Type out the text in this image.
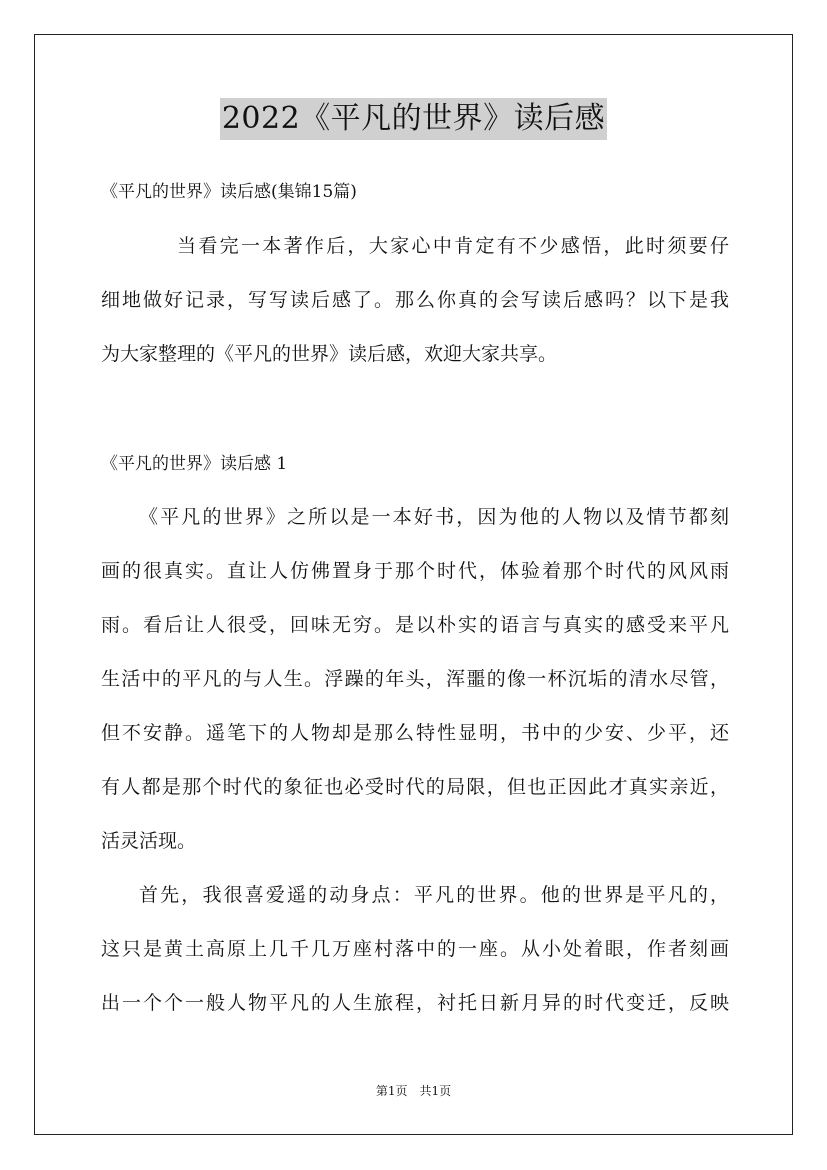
2022《平凡的世界》读后感
《平凡的世界》读后感(集锦15篇)
当看完一本著作后，大家心中肯定有不少感悟，此时须要仔
细地做好记录，写写读后感了。那么你真的会写读后感吗？以下是我
为大家整理的《平凡的世界》读后感，欢迎大家共享。
《平凡的世界》读后感 1
《平凡的世界》之所以是一本好书，因为他的人物以及情节都刻
画的很真实。直让人仿佛置身于那个时代，体验着那个时代的风风雨
雨。看后让人很受，回味无穷。是以朴实的语言与真实的感受来平凡
生活中的平凡的与人生。浮躁的年头，浑噩的像一杯沉垢的清水尽管，
但不安静。遥笔下的人物却是那么特性显明，书中的少安、少平，还
有人都是那个时代的象征也必受时代的局限，但也正因此才真实亲近，
活灵活现。
首先，我很喜爱遥的动身点：平凡的世界。他的世界是平凡的，
这只是黄土高原上几千几万座村落中的一座。从小处着眼，作者刻画
出一个个一般人物平凡的人生旅程，衬托日新月异的时代变迁，反映
第1页 共1页
